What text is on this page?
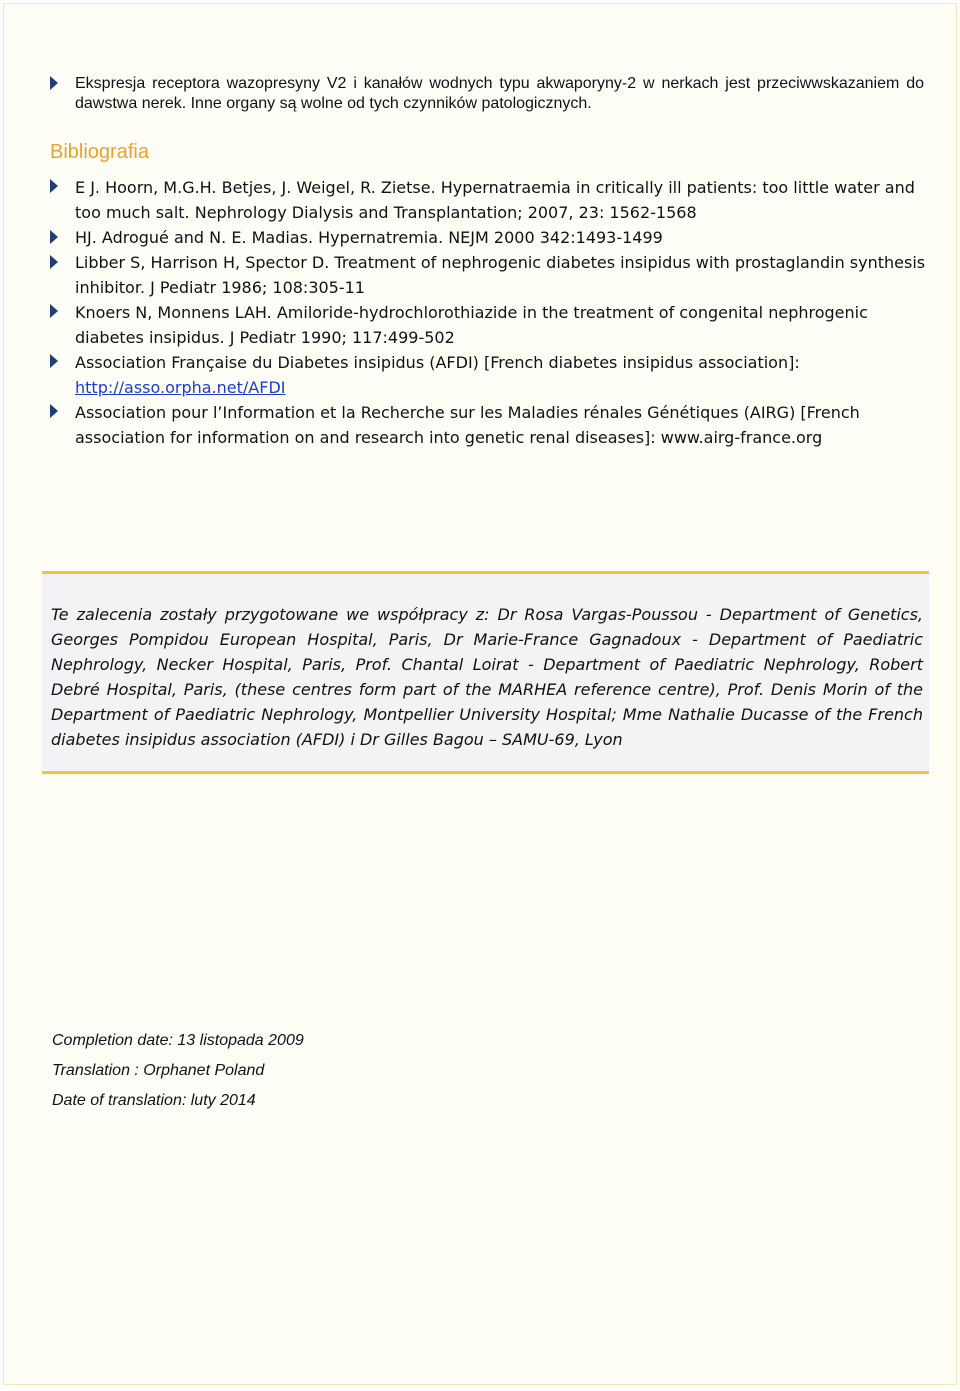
Ekspresja receptora wazopresyny V2 i kanałów wodnych typu akwaporyny-2 w nerkach jest przeciwwskazaniem do dawstwa nerek. Inne organy są wolne od tych czynników patologicznych.
Bibliografia
E J. Hoorn, M.G.H. Betjes, J. Weigel, R. Zietse. Hypernatraemia in critically ill patients: too little water and too much salt. Nephrology Dialysis and Transplantation; 2007, 23: 1562-1568
HJ. Adrogué and N. E. Madias. Hypernatremia. NEJM 2000 342:1493-1499
Libber S, Harrison H, Spector D. Treatment of nephrogenic diabetes insipidus with prostaglandin synthesis inhibitor. J Pediatr 1986; 108:305-11
Knoers N, Monnens LAH. Amiloride-hydrochlorothiazide in the treatment of congenital nephrogenic diabetes insipidus. J Pediatr 1990; 117:499-502
Association Française du Diabetes insipidus (AFDI) [French diabetes insipidus association]: http://asso.orpha.net/AFDI
Association pour l’Information et la Recherche sur les Maladies rénales Génétiques (AIRG) [French association for information on and research into genetic renal diseases]: www.airg-france.org
Te zalecenia zostały przygotowane we współpracy z: Dr Rosa Vargas-Poussou - Department of Genetics, Georges Pompidou European Hospital, Paris, Dr Marie-France Gagnadoux - Department of Paediatric Nephrology, Necker Hospital, Paris, Prof. Chantal Loirat - Department of Paediatric Nephrology, Robert Debré Hospital, Paris, (these centres form part of the MARHEA reference centre), Prof. Denis Morin of the Department of Paediatric Nephrology, Montpellier University Hospital; Mme Nathalie Ducasse of the French diabetes insipidus association (AFDI) i Dr Gilles Bagou – SAMU-69, Lyon
Completion date: 13 listopada 2009
Translation : Orphanet Poland
Date of translation: luty 2014
